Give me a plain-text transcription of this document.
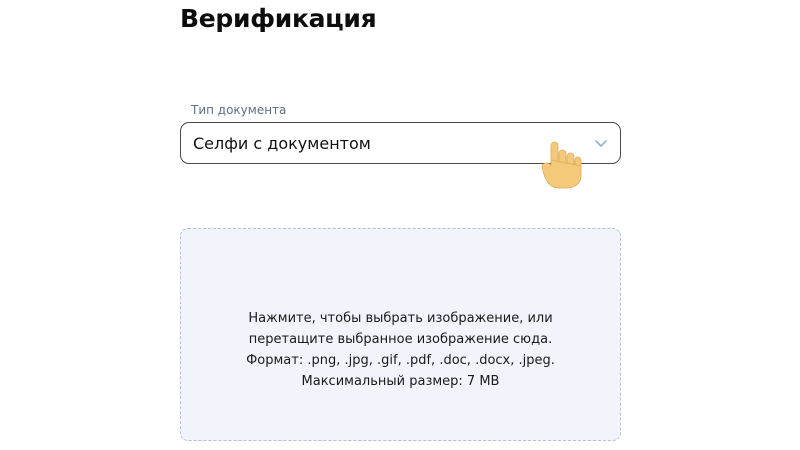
Верификация
Тип документа
Селфи с документом
Нажмите, чтобы выбрать изображение, или
перетащите выбранное изображение сюда.
Формат: .png, .jpg, .gif, .pdf, .doc, .docx, .jpeg.
Максимальный размер: 7 MB
